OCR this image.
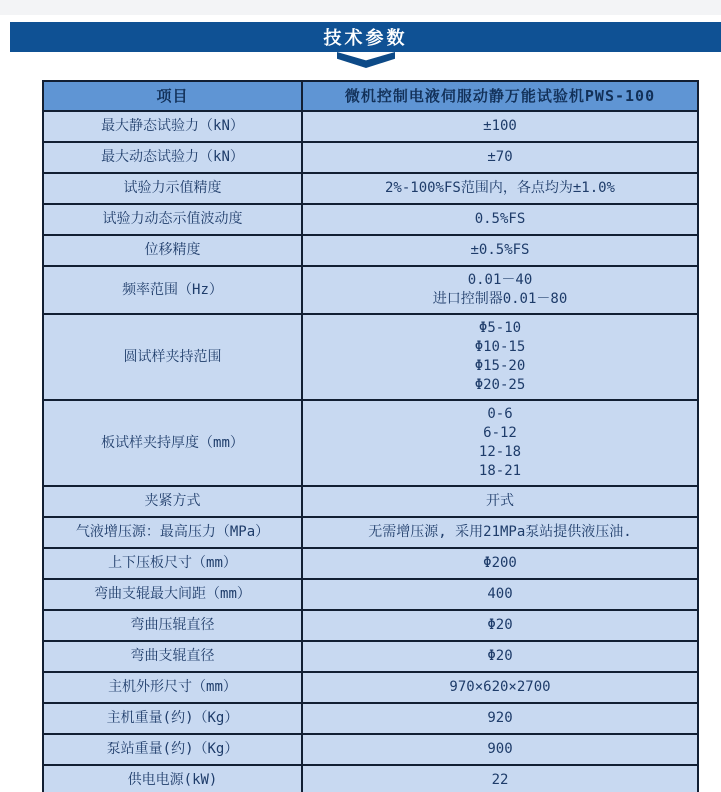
技术参数
项目	微机控制电液伺服动静万能试验机PWS-100
最大静态试验力（kN）	±100

最大动态试验力（kN）	±70

试验力示值精度	2%-100%FS范围内，各点均为±1.0%

试验力动态示值波动度	0.5%FS

位移精度	±0.5%FS

频率范围（Hz）	0.01－40
进口控制器0.01－80

圆试样夹持范围	Φ5-10
Φ10-15
Φ15-20
Φ20-25

板试样夹持厚度（mm）	0-6
6-12
12-18
18-21

夹紧方式	开式

气液增压源：最高压力（MPa）	无需增压源, 采用21MPa泵站提供液压油.

上下压板尺寸（mm）	Φ200

弯曲支辊最大间距（mm）	400

弯曲压辊直径	Φ20

弯曲支辊直径	Φ20

主机外形尺寸（mm）	970×620×2700

主机重量(约)（Kg）	920

泵站重量(约)（Kg）	900

供电电源(kW)	22
